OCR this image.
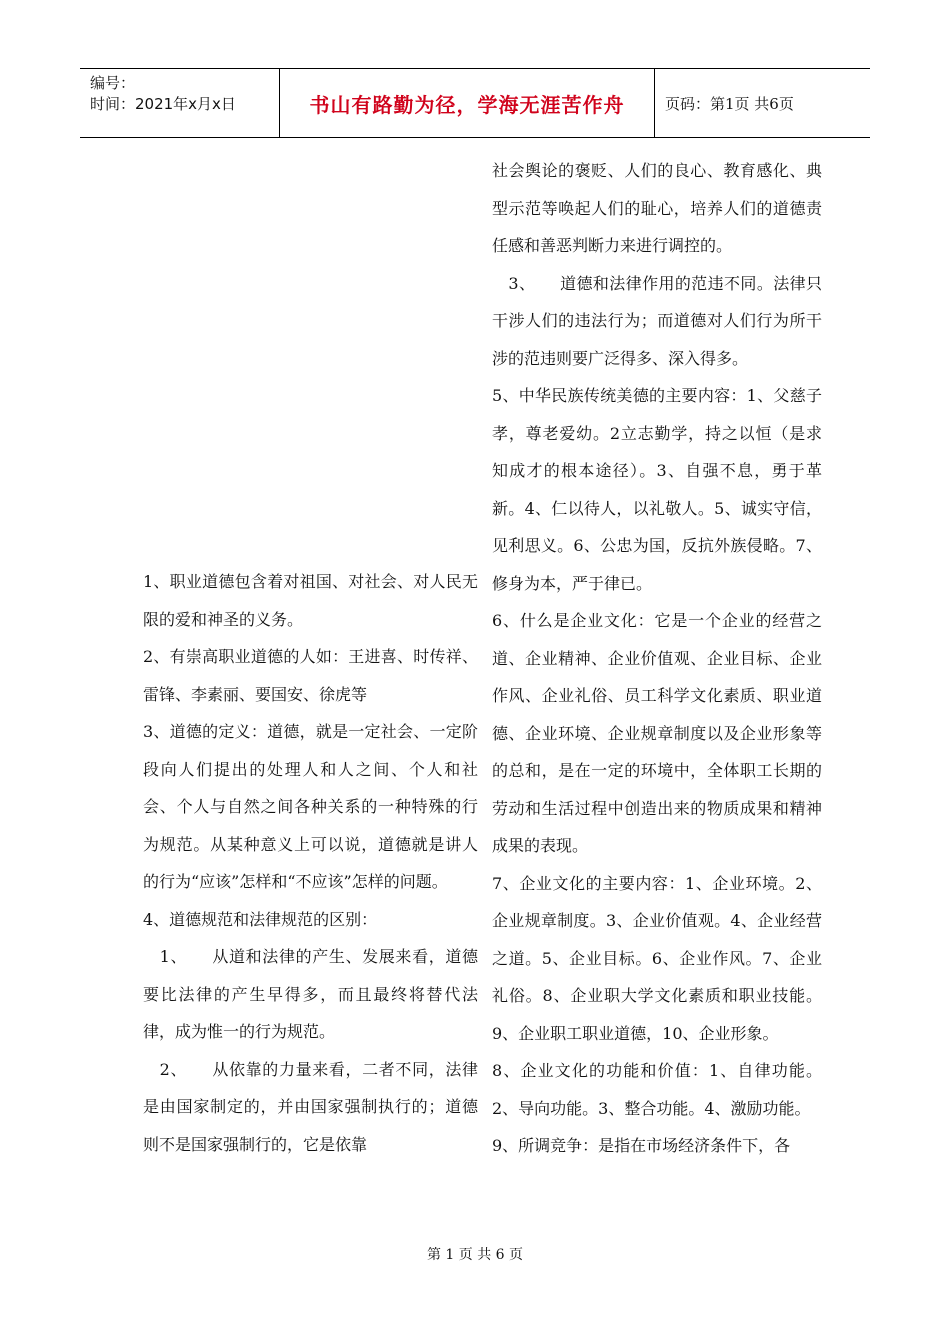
编号：
时间：2021年x月x日	书山有路勤为径，学海无涯苦作舟	页码：第1页 共6页

1、职业道德包含着对祖国、对社会、对人民无限的爱和神圣的义务。

2、有崇高职业道德的人如：王进喜、时传祥、雷锋、李素丽、要国安、徐虎等

3、道德的定义：道德，就是一定社会、一定阶段向人们提出的处理人和人之间、个人和社会、个人与自然之间各种关系的一种特殊的行为规范。从某种意义上可以说，道德就是讲人的行为“应该”怎样和“不应该”怎样的问题。

4、道德规范和法律规范的区别：

　1、　　从道和法律的产生、发展来看，道德要比法律的产生早得多，而且最终将替代法律，成为惟一的行为规范。

　2、　　从依靠的力量来看，二者不同，法律是由国家制定的，并由国家强制执行的；道德则不是国家强制行的，它是依靠

社会舆论的褒贬、人们的良心、教育感化、典型示范等唤起人们的耻心，培养人们的道德责任感和善恶判断力来进行调控的。

　3、　　道德和法律作用的范违不同。法律只干涉人们的违法行为；而道德对人们行为所干涉的范违则要广泛得多、深入得多。

5、中华民族传统美德的主要内容：1、父慈子孝，尊老爱幼。2立志勤学，持之以恒（是求知成才的根本途径）。3、自强不息，勇于革新。4、仁以待人，以礼敬人。5、诚实守信，见利思义。6、公忠为国，反抗外族侵略。7、修身为本，严于律已。

6、什么是企业文化：它是一个企业的经营之道、企业精神、企业价值观、企业目标、企业作风、企业礼俗、员工科学文化素质、职业道德、企业环境、企业规章制度以及企业形象等的总和，是在一定的环境中，全体职工长期的劳动和生活过程中创造出来的物质成果和精神成果的表现。

7、企业文化的主要内容：1、企业环境。2、企业规章制度。3、企业价值观。4、企业经营之道。5、企业目标。6、企业作风。7、企业礼俗。8、企业职大学文化素质和职业技能。9、企业职工职业道德，10、企业形象。

8、企业文化的功能和价值：1、自律功能。2、导向功能。3、整合功能。4、激励功能。

9、所调竞争：是指在市场经济条件下，各

第 1 页 共 6 页
